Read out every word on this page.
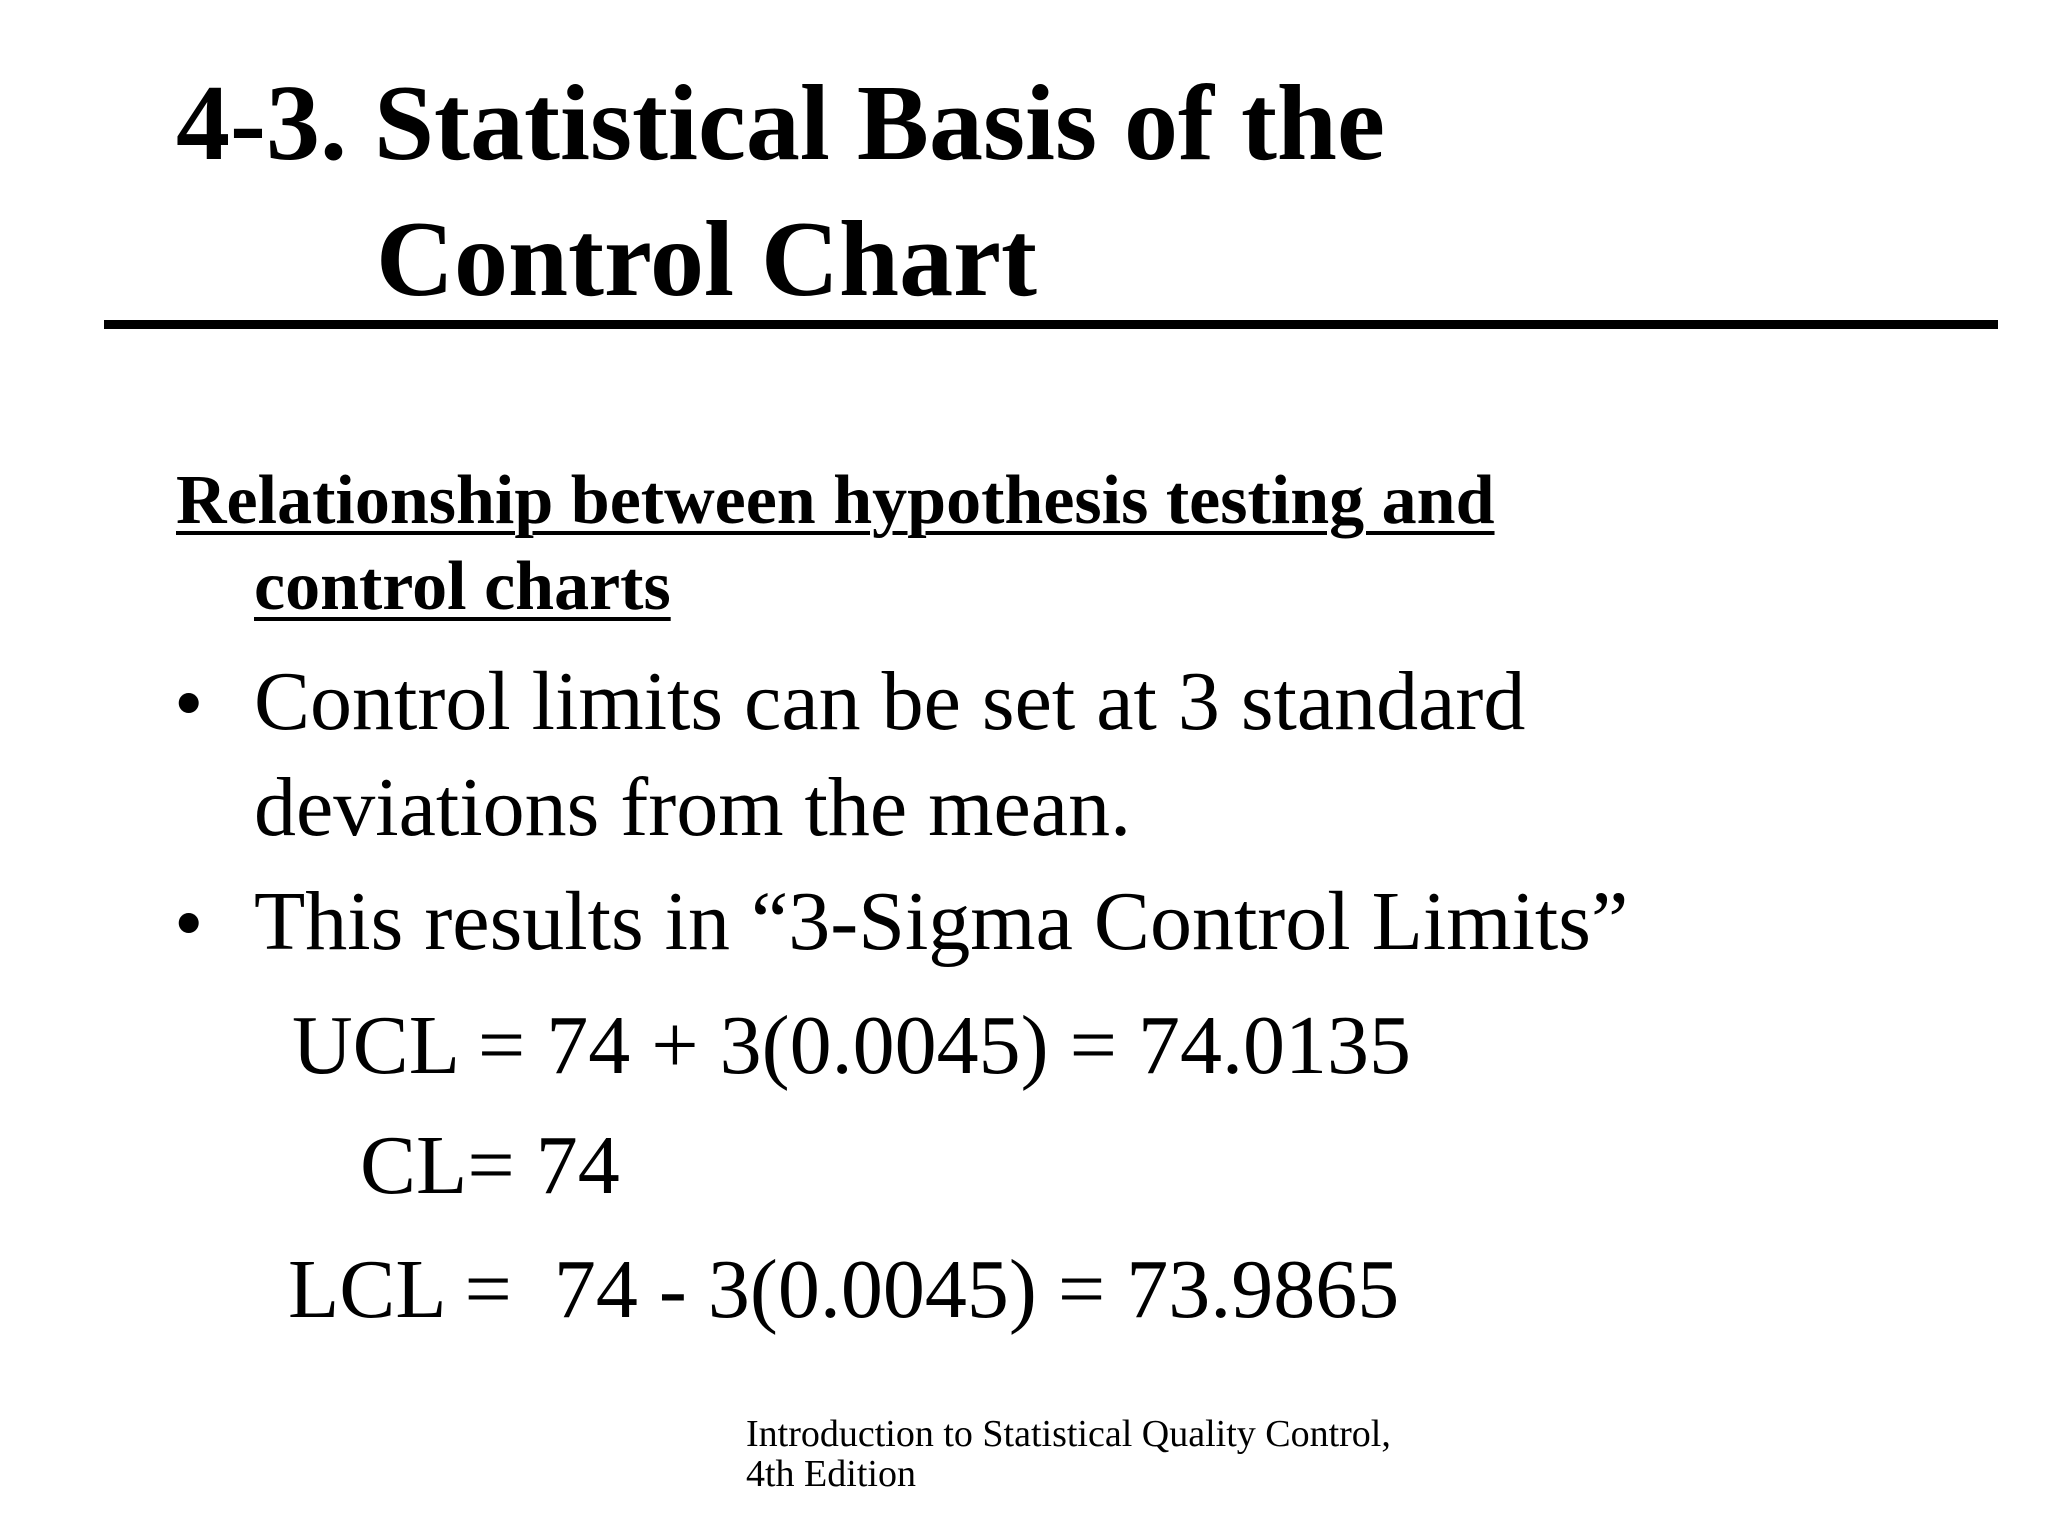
4-3. Statistical Basis of the
Control Chart
Relationship between hypothesis testing and
control charts
• Control limits can be set at 3 standard
deviations from the mean.
• This results in “3-Sigma Control Limits”
UCL = 74 + 3(0.0045) = 74.0135
CL= 74
LCL =  74 - 3(0.0045) = 73.9865
Introduction to Statistical Quality Control,
4th Edition
